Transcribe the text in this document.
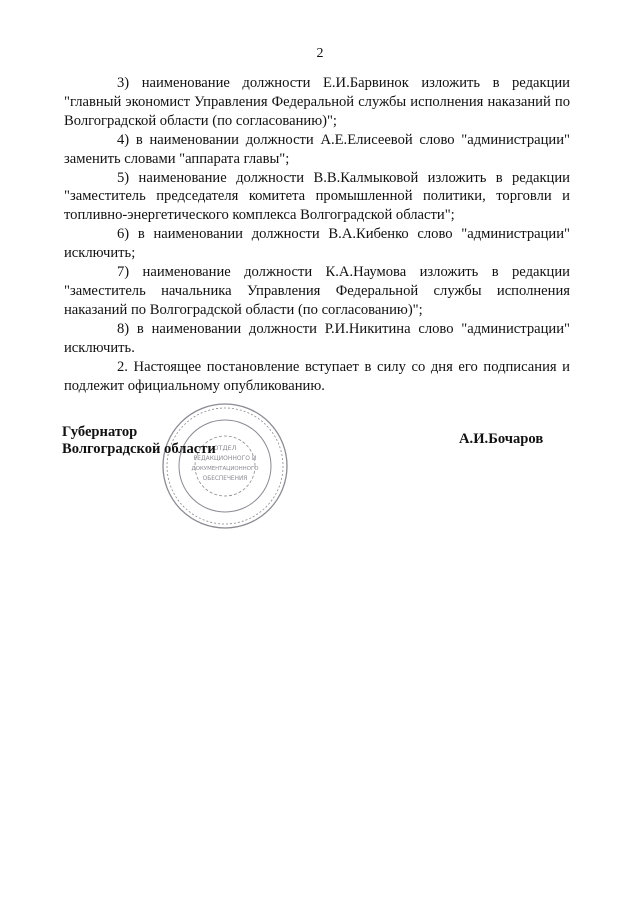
2

3) наименование должности Е.И.Барвинок изложить в редакции "главный экономист Управления Федеральной службы исполнения наказаний по Волгоградской области (по согласованию)";

4) в наименовании должности А.Е.Елисеевой слово "администрации" заменить словами "аппарата главы";

5) наименование должности В.В.Калмыковой изложить в редакции "заместитель председателя комитета промышленной политики, торговли и топливно-энергетического комплекса Волгоградской области";

6) в наименовании должности В.А.Кибенко слово "администрации" исключить;

7) наименование должности К.А.Наумова изложить в редакции "заместитель начальника Управления Федеральной службы исполнения наказаний по Волгоградской области (по согласованию)";

8) в наименовании должности Р.И.Никитина слово "администрации" исключить.

2. Настоящее постановление вступает в силу со дня его подписания и подлежит официальному опубликованию.

ОТДЕЛ
РЕДАКЦИОННОГО И
ДОКУМЕНТАЦИОННОГО
ОБЕСПЕЧЕНИЯ
Губернатор
Волгоградской области
А.И.Бочаров
